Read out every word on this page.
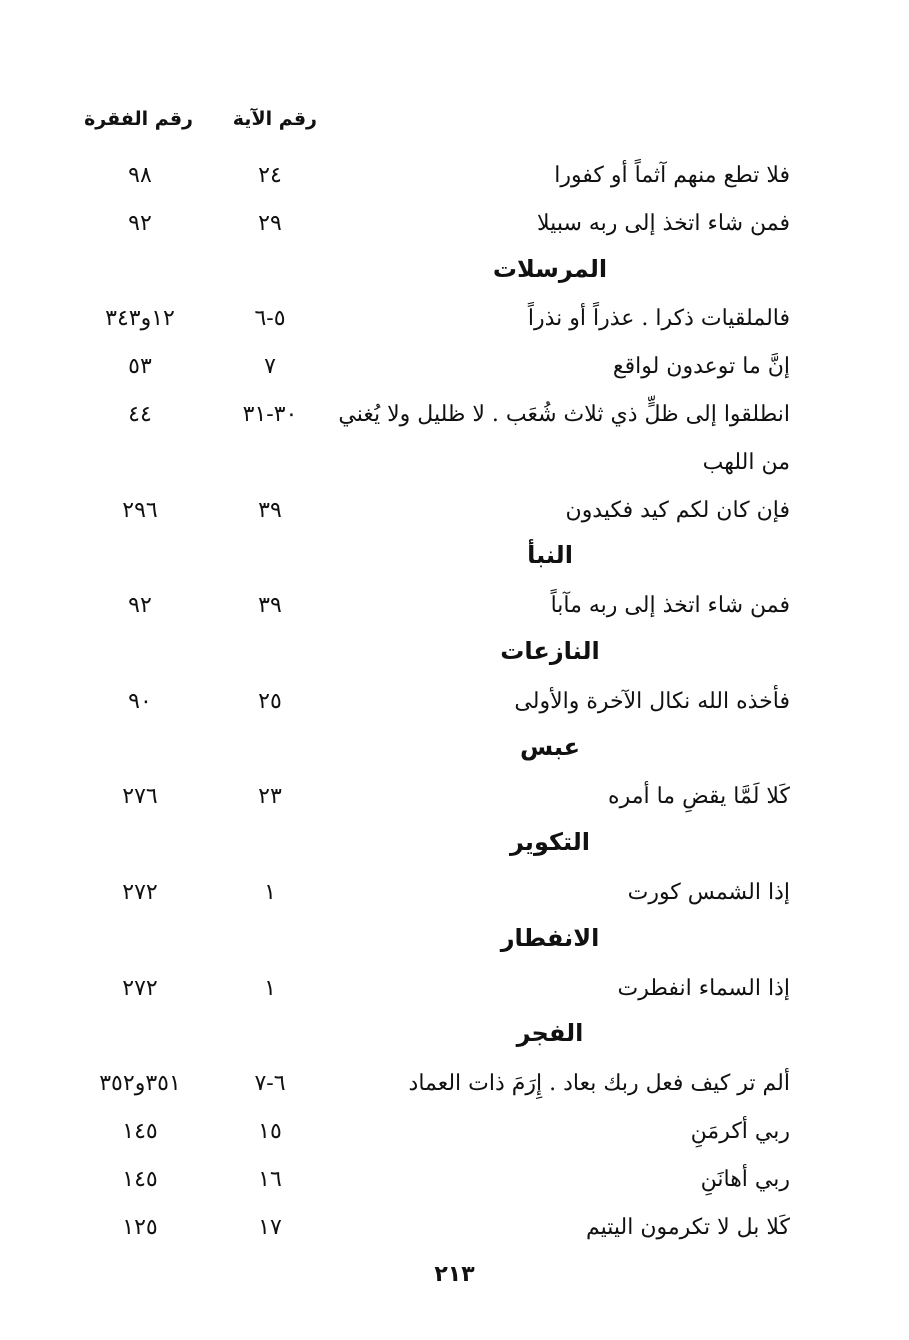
رقم الآية
رقم الفقرة
فلا تطع منهم آثماً أو كفورا
٢٤
٩٨
فمن شاء اتخذ إلى ربه سبيلا
٢٩
٩٢
المرسلات
فالملقيات ذكرا . عذراً أو نذراً
٥-٦
١٢و٣٤٣
إنَّ ما توعدون لواقع
٧
٥٣
انطلقوا إلى ظلٍّ ذي ثلاث شُعَب . لا ظليل ولا يُغني من اللهب
٣٠-٣١
٤٤
فإن كان لكم كيد فكيدون
٣٩
٢٩٦
النبأ
فمن شاء اتخذ إلى ربه مآباً
٣٩
٩٢
النازعات
فأخذه الله نكال الآخرة والأولى
٢٥
٩٠
عبس
كَلا لَمَّا يقضِ ما أمره
٢٣
٢٧٦
التكوير
إذا الشمس كورت
١
٢٧٢
الانفطار
إذا السماء انفطرت
١
٢٧٢
الفجر
ألم تر كيف فعل ربك بعاد . إِرَمَ ذات العماد
٦-٧
٣٥١و٣٥٢
ربي أكرمَنِ
١٥
١٤٥
ربي أهانَنِ
١٦
١٤٥
كَلا بل لا تكرمون اليتيم
١٧
١٢٥
٢١٣
